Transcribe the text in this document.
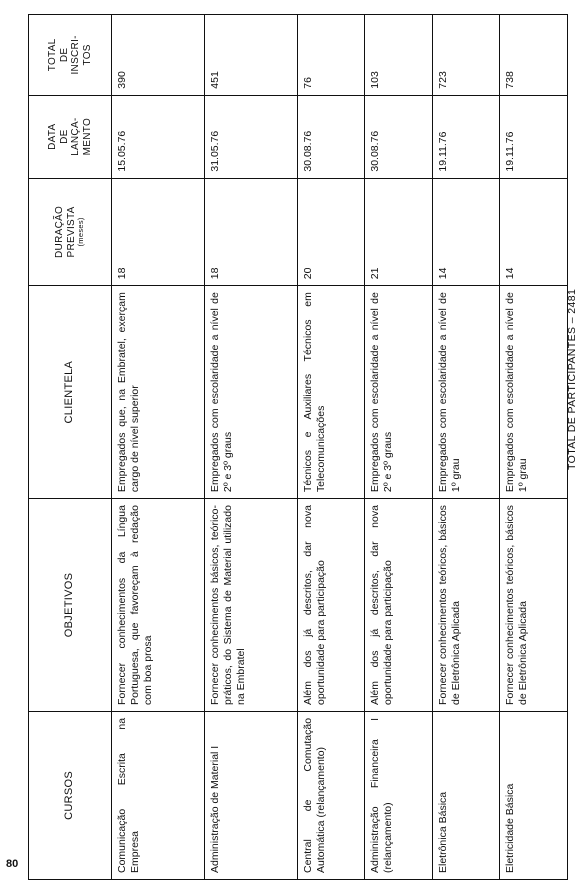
CURSOS	OBJETIVOS	CLIENTELA	DURAÇÃO
PREVISTA (meses)	DATA
DE
LANÇA-
MENTO	TOTAL
DE
INSCRI-
TOS
Comunicação Escrita na Empresa	Fornecer conhecimentos da Língua Portuguesa, que favoreçam à redação com boa prosa	Empregados que, na Embratel, exerçam cargo de nível superior	18	15.05.76	390
Administração de Material I	Fornecer conhecimentos básicos, teórico-práticos, do Sistema de Material utilizado na Embratel	Empregados com escolaridade a nível de 2º e 3º graus	18	31.05.76	451
Central de Comutação Automática (relançamento)	Além dos já descritos, dar nova oportunidade para participação	Técnicos e Auxiliares Técnicos em Telecomunicações	20	30.08.76	76
Administração Financeira I (relançamento)	Além dos já descritos, dar nova oportunidade para participação	Empregados com escolaridade a nível de 2º e 3º graus	21	30.08.76	103
Eletrônica Básica	Fornecer conhecimentos teóricos, básicos de Eletrônica Aplicada	Empregados com escolaridade a nível de 1º grau	14	19.11.76	723
Eletricidade Básica	Fornecer conhecimentos teóricos, básicos de Eletrônica Aplicada	Empregados com escolaridade a nível de 1º grau	14	19.11.76	738
TOTAL DE PARTICIPANTES – 2481
80
